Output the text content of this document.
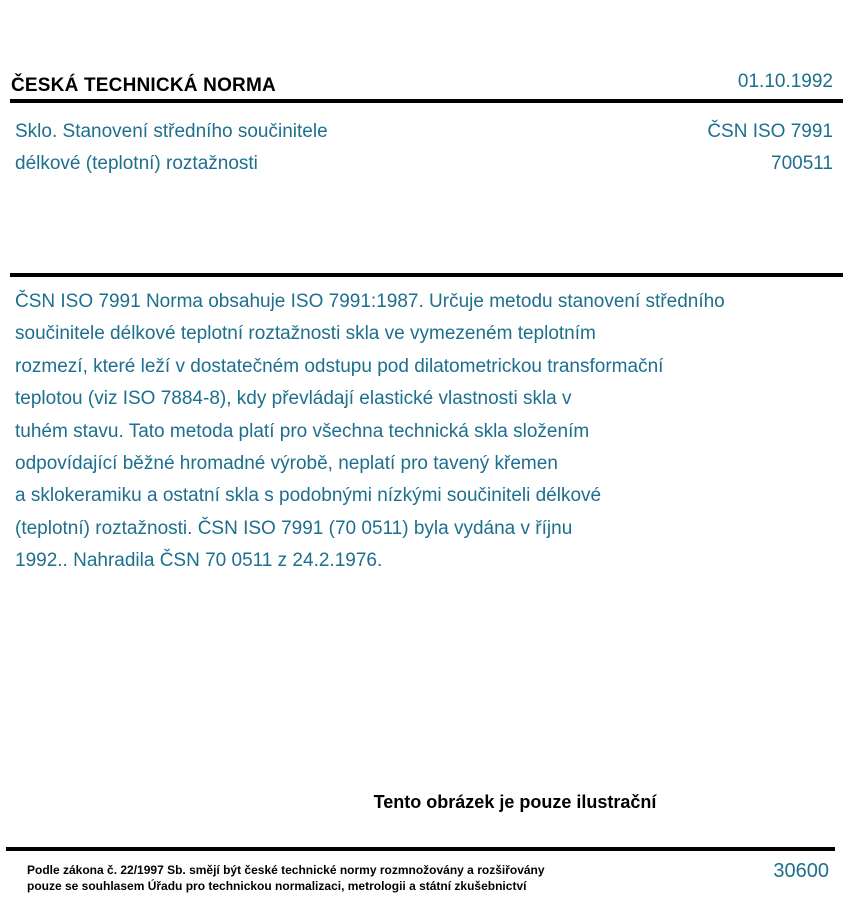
ČESKÁ TECHNICKÁ NORMA	01.10.1992
Sklo. Stanovení středního součinitele
délkové (teplotní) roztažnosti
ČSN ISO 7991
700511
ČSN ISO 7991 Norma obsahuje ISO 7991:1987. Určuje metodu stanovení středního
součinitele délkové teplotní roztažnosti skla ve vymezeném teplotním
rozmezí, které leží v dostatečném odstupu pod dilatometrickou transformační
teplotou (viz ISO 7884-8), kdy převládají elastické vlastnosti skla v
tuhém stavu. Tato metoda platí pro všechna technická skla složením
odpovídající běžné hromadné výrobě, neplatí pro tavený křemen
a sklokeramiku a ostatní skla s podobnými nízkými součiniteli délkové
(teplotní) roztažnosti. ČSN ISO 7991 (70 0511) byla vydána v říjnu
1992.. Nahradila ČSN 70 0511 z 24.2.1976.
Tento obrázek je pouze ilustrační
Podle zákona č. 22/1997 Sb. smějí být české technické normy rozmnožovány a rozšiřovány
pouze se souhlasem Úřadu pro technickou normalizaci, metrologii a státní zkušebnictví
30600
